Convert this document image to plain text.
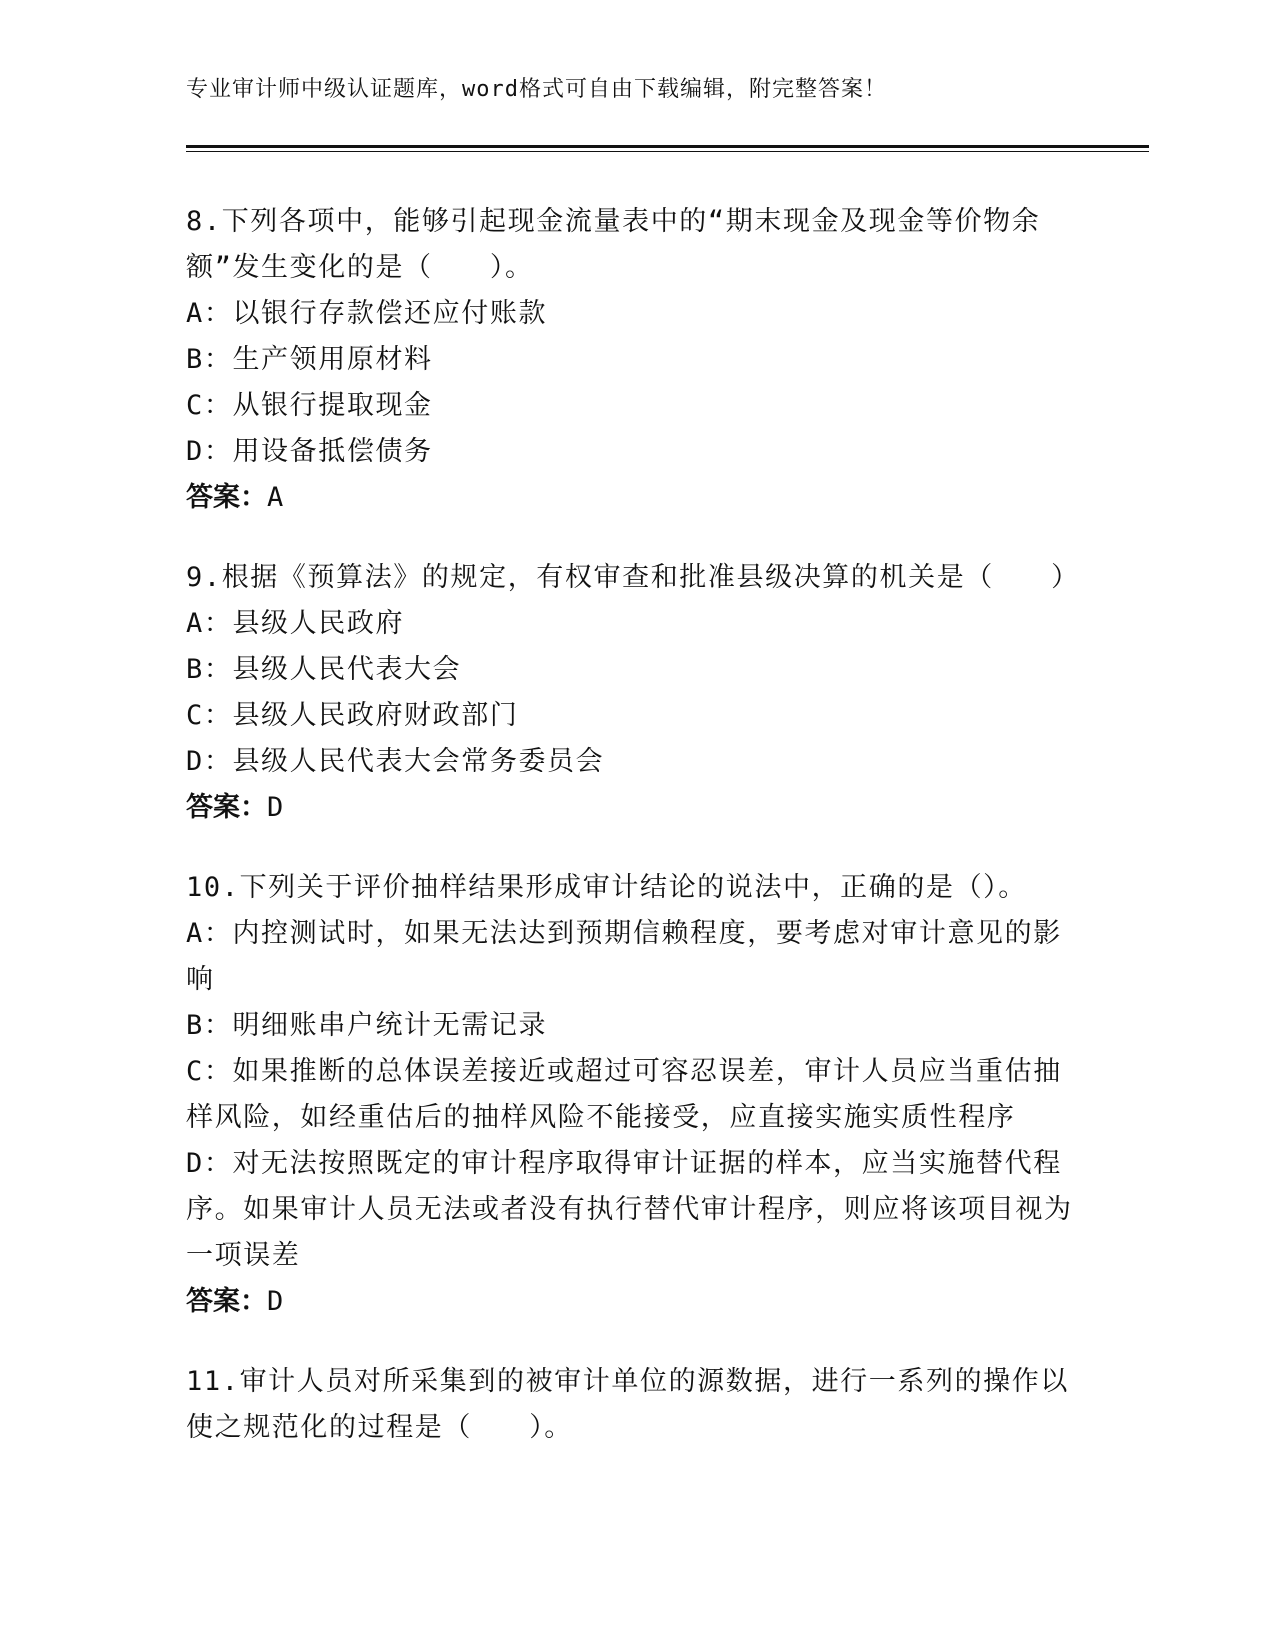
专业审计师中级认证题库，word格式可自由下载编辑，附完整答案！
8.下列各项中，能够引起现金流量表中的“期末现金及现金等价物余额”发生变化的是（　　）。
A：以银行存款偿还应付账款
B：生产领用原材料
C：从银行提取现金
D：用设备抵偿债务
答案：A
9.根据《预算法》的规定，有权审查和批准县级决算的机关是（　　）
A：县级人民政府
B：县级人民代表大会
C：县级人民政府财政部门
D：县级人民代表大会常务委员会
答案：D
10.下列关于评价抽样结果形成审计结论的说法中，正确的是（）。
A：内控测试时，如果无法达到预期信赖程度，要考虑对审计意见的影响
B：明细账串户统计无需记录
C：如果推断的总体误差接近或超过可容忍误差，审计人员应当重估抽样风险，如经重估后的抽样风险不能接受，应直接实施实质性程序
D：对无法按照既定的审计程序取得审计证据的样本，应当实施替代程序。如果审计人员无法或者没有执行替代审计程序，则应将该项目视为一项误差
答案：D
11.审计人员对所采集到的被审计单位的源数据，进行一系列的操作以使之规范化的过程是（　　）。
